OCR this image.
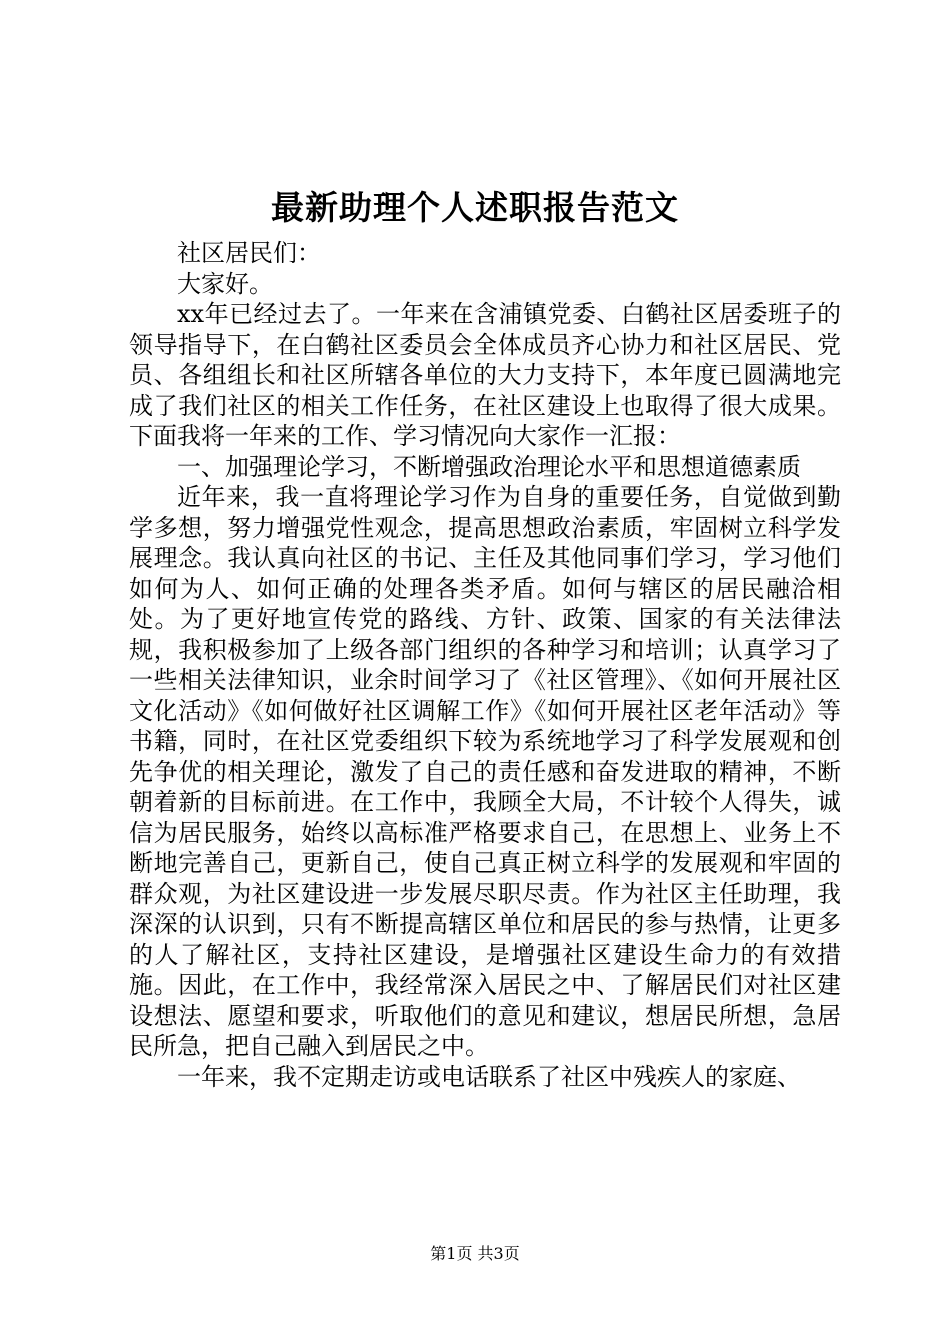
最新助理个人述职报告范文

社区居民们：

大家好。

xx年已经过去了。一年来在含浦镇党委、白鹤社区居委班子的领导指导下，在白鹤社区委员会全体成员齐心协力和社区居民、党员、各组组长和社区所辖各单位的大力支持下，本年度已圆满地完成了我们社区的相关工作任务，在社区建设上也取得了很大成果。下面我将一年来的工作、学习情况向大家作一汇报：

一、加强理论学习，不断增强政治理论水平和思想道德素质

近年来，我一直将理论学习作为自身的重要任务，自觉做到勤学多想，努力增强党性观念，提高思想政治素质，牢固树立科学发展理念。我认真向社区的书记、主任及其他同事们学习，学习他们如何为人、如何正确的处理各类矛盾。如何与辖区的居民融洽相处。为了更好地宣传党的路线、方针、政策、国家的有关法律法规，我积极参加了上级各部门组织的各种学习和培训；认真学习了一些相关法律知识，业余时间学习了《社区管理》、《如何开展社区文化活动》《如何做好社区调解工作》《如何开展社区老年活动》等书籍，同时，在社区党委组织下较为系统地学习了科学发展观和创先争优的相关理论，激发了自己的责任感和奋发进取的精神，不断朝着新的目标前进。在工作中，我顾全大局，不计较个人得失，诚信为居民服务，始终以高标准严格要求自己，在思想上、业务上不断地完善自己，更新自己，使自己真正树立科学的发展观和牢固的群众观，为社区建设进一步发展尽职尽责。作为社区主任助理，我深深的认识到，只有不断提高辖区单位和居民的参与热情，让更多的人了解社区，支持社区建设，是增强社区建设生命力的有效措施。因此，在工作中，我经常深入居民之中、了解居民们对社区建设想法、愿望和要求，听取他们的意见和建议，想居民所想，急居民所急，把自己融入到居民之中。

一年来，我不定期走访或电话联系了社区中残疾人的家庭、

第1页 共3页
